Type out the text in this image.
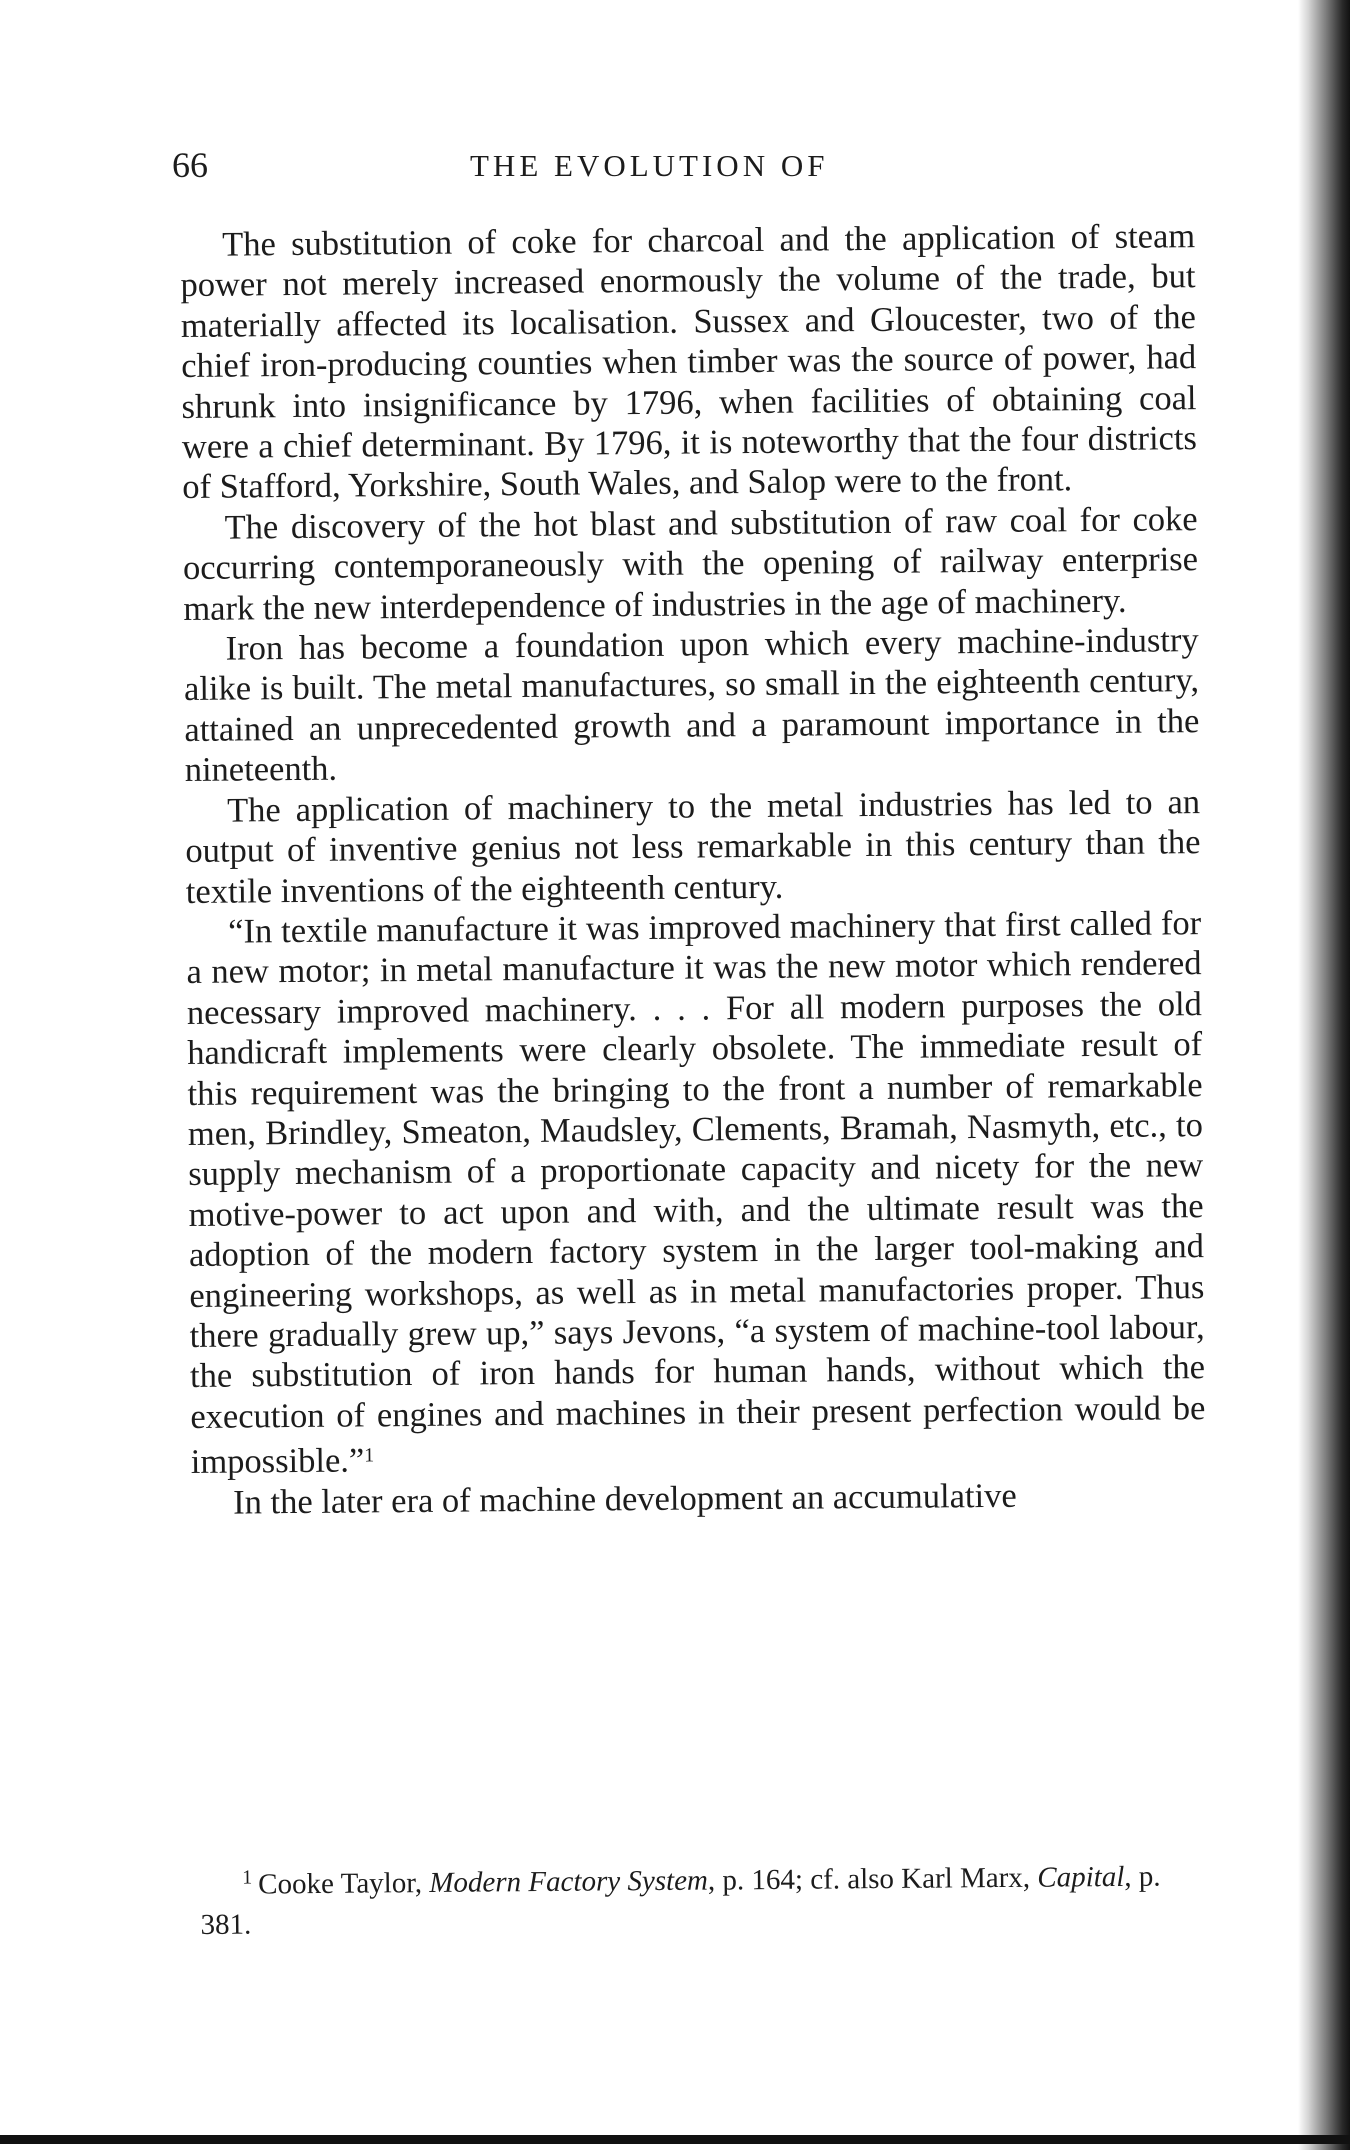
66	THE EVOLUTION OF

The substitution of coke for charcoal and the application of steam power not merely increased enormously the volume of the trade, but materially affected its localisation. Sussex and Gloucester, two of the chief iron-producing counties when timber was the source of power, had shrunk into insignificance by 1796, when facilities of obtaining coal were a chief determinant. By 1796, it is noteworthy that the four districts of Stafford, Yorkshire, South Wales, and Salop were to the front.

The discovery of the hot blast and substitution of raw coal for coke occurring contemporaneously with the opening of railway enterprise mark the new interdependence of industries in the age of machinery.

Iron has become a foundation upon which every machine-industry alike is built. The metal manufactures, so small in the eighteenth century, attained an unprecedented growth and a paramount importance in the nineteenth.

The application of machinery to the metal industries has led to an output of inventive genius not less remarkable in this century than the textile inventions of the eighteenth century.

“In textile manufacture it was improved machinery that first called for a new motor; in metal manufacture it was the new motor which rendered necessary improved machinery. . . . For all modern purposes the old handicraft implements were clearly obsolete. The immediate result of this requirement was the bringing to the front a number of remarkable men, Brindley, Smeaton, Maudsley, Clements, Bramah, Nasmyth, etc., to supply mechanism of a proportionate capacity and nicety for the new motive-power to act upon and with, and the ultimate result was the adoption of the modern factory system in the larger tool-making and engineering workshops, as well as in metal manufactories proper. Thus there gradually grew up,” says Jevons, “a system of machine-tool labour, the substitution of iron hands for human hands, without which the execution of engines and machines in their present perfection would be impossible.”$^1$

In the later era of machine development an accumulative

$^1$ Cooke Taylor, Modern Factory System, p. 164; cf. also Karl Marx, Capital, p. 381.
